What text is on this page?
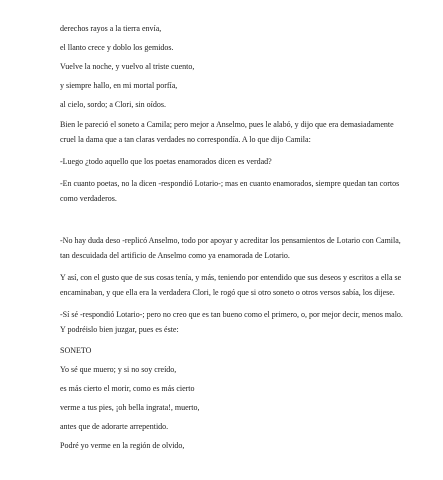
derechos rayos a la tierra envía,

el llanto crece y doblo los gemidos.

Vuelve la noche, y vuelvo al triste cuento,

y siempre hallo, en mi mortal porfía,

al cielo, sordo; a Clori, sin oídos.

Bien le pareció el soneto a Camila; pero mejor a Anselmo, pues le alabó, y dijo que era demasiadamente cruel la dama que a tan claras verdades no correspondía. A lo que dijo Camila:

-Luego ¿todo aquello que los poetas enamorados dicen es verdad?

-En cuanto poetas, no la dicen -respondió Lotario-; mas en cuanto enamorados, siempre quedan tan cortos como verdaderos.

-No hay duda deso -replicó Anselmo, todo por apoyar y acreditar los pensamientos de Lotario con Camila, tan descuidada del artificio de Anselmo como ya enamorada de Lotario.

Y así, con el gusto que de sus cosas tenía, y más, teniendo por entendido que sus deseos y escritos a ella se encaminaban, y que ella era la verdadera Clori, le rogó que si otro soneto o otros versos sabía, los dijese.

-Sí sé -respondió Lotario-; pero no creo que es tan bueno como el primero, o, por mejor decir, menos malo. Y podréislo bien juzgar, pues es éste:

SONETO

Yo sé que muero; y si no soy creído,

es más cierto el morir, como es más cierto

verme a tus pies, ¡oh bella ingrata!, muerto,

antes que de adorarte arrepentido.

Podré yo verme en la región de olvido,
